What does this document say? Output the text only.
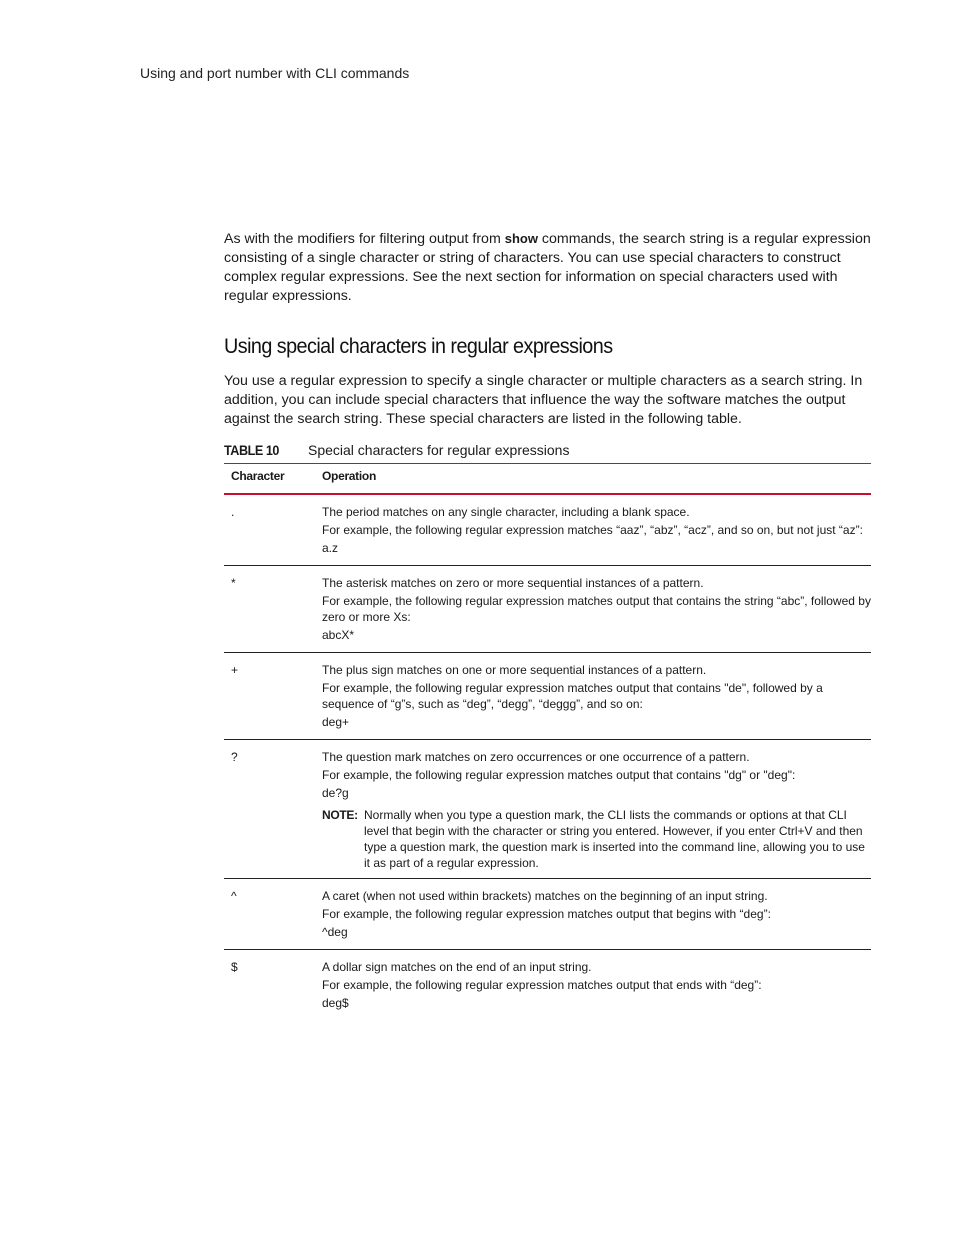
Using and port number with CLI commands

As with the modifiers for filtering output from show commands, the search string is a regular expression consisting of a single character or string of characters. You can use special characters to construct complex regular expressions. See the next section for information on special characters used with regular expressions.

Using special characters in regular expressions

You use a regular expression to specify a single character or multiple characters as a search string. In addition, you can include special characters that influence the way the software matches the output against the search string. These special characters are listed in the following table.

TABLE 10	Special characters for regular expressions
Character	Operation
.	The period matches on any single character, including a blank space.
For example, the following regular expression matches “aaz”, “abz”, “acz”, and so on, but not just “az”:
a.z

*	The asterisk matches on zero or more sequential instances of a pattern.
For example, the following regular expression matches output that contains the string “abc”, followed by zero or more Xs:
abcX*

+	The plus sign matches on one or more sequential instances of a pattern.
For example, the following regular expression matches output that contains "de", followed by a sequence of “g”s, such as “deg”, “degg”, “deggg”, and so on:
deg+

?	The question mark matches on zero occurrences or one occurrence of a pattern.
For example, the following regular expression matches output that contains "dg" or "deg":
de?g
NOTE: Normally when you type a question mark, the CLI lists the commands or options at that CLI level that begin with the character or string you entered. However, if you enter Ctrl+V and then type a question mark, the question mark is inserted into the command line, allowing you to use it as part of a regular expression.

^	A caret (when not used within brackets) matches on the beginning of an input string.
For example, the following regular expression matches output that begins with “deg”:
^deg

$	A dollar sign matches on the end of an input string.
For example, the following regular expression matches output that ends with “deg”:
deg$
